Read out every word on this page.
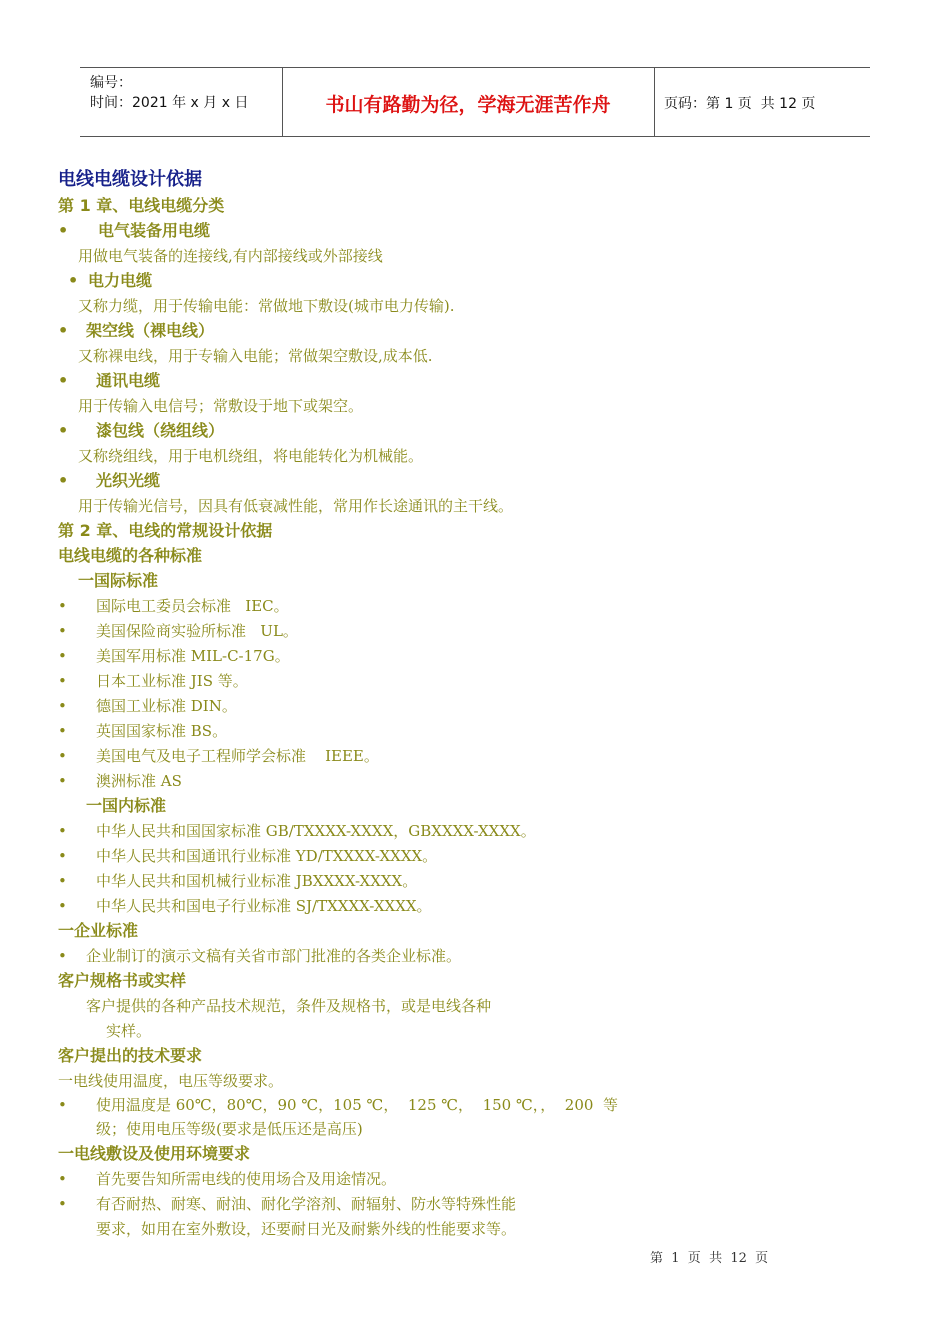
编号：
时间：2021 年 x 月 x 日	书山有路勤为径，学海无涯苦作舟	页码：第 1 页  共 12 页
电线电缆设计依据
第 1 章、电线电缆分类
• 电气装备用电缆
用做电气装备的连接线,有内部接线或外部接线
• 电力电缆
又称力缆，用于传输电能：常做地下敷设(城市电力传输).
• 架空线（裸电线）
又称裸电线，用于专输入电能；常做架空敷设,成本低.
• 通讯电缆
用于传输入电信号；常敷设于地下或架空。
• 漆包线（绕组线）
又称绕组线，用于电机绕组，将电能转化为机械能。
• 光织光缆
用于传输光信号，因具有低衰减性能，常用作长途通讯的主干线。
第 2 章、电线的常规设计依据
电线电缆的各种标准
一国际标准
• 国际电工委员会标准   IEC。
• 美国保险商实验所标准   UL。
• 美国军用标准 MIL-C-17G。
• 日本工业标准 JIS 等。
• 德国工业标准 DIN。
• 英国国家标准 BS。
• 美国电气及电子工程师学会标准    IEEE。
• 澳洲标准 AS
一国内标准
• 中华人民共和国国家标准 GB/TXXXX-XXXX，GBXXXX-XXXX。
• 中华人民共和国通讯行业标准 YD/TXXXX-XXXX。
• 中华人民共和国机械行业标准 JBXXXX-XXXX。
• 中华人民共和国电子行业标准 SJ/TXXXX-XXXX。
一企业标准
• 企业制订的演示文稿有关省市部门批准的各类企业标准。
客户规格书或实样
客户提供的各种产品技术规范，条件及规格书，或是电线各种
实样。
客户提出的技术要求
一电线使用温度，电压等级要求。
• 使用温度是 60℃，80℃，90 ℃，105 ℃，  125 ℃，  150 ℃，，  200  等
级；使用电压等级(要求是低压还是高压)
一电线敷设及使用环境要求
• 首先要告知所需电线的使用场合及用途情况。
• 有否耐热、耐寒、耐油、耐化学溶剂、耐辐射、防水等特殊性能
要求，如用在室外敷设，还要耐日光及耐紫外线的性能要求等。
第  1  页  共  12  页
